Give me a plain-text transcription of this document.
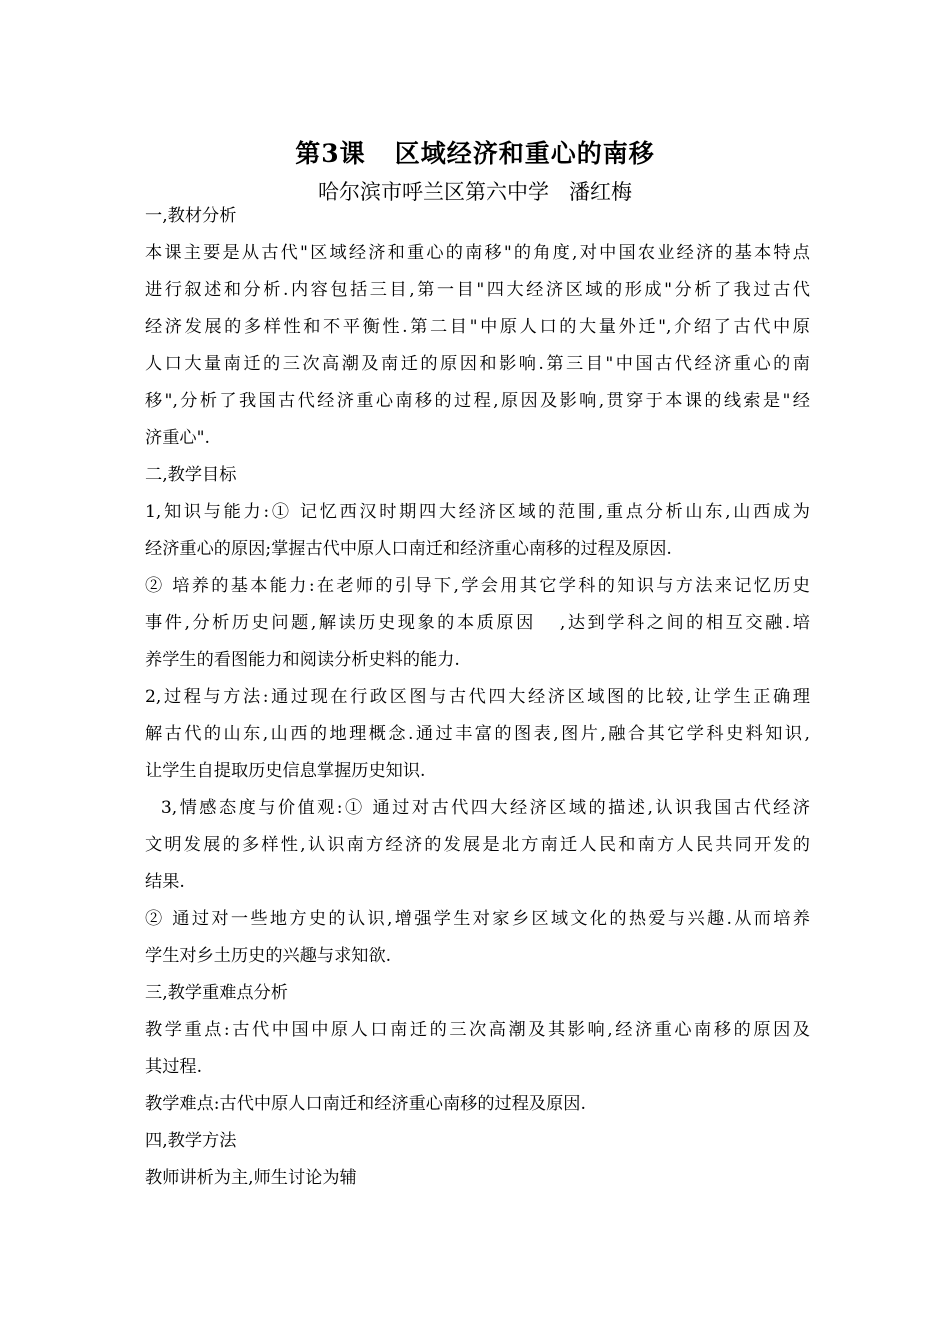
第3课   区域经济和重心的南移
哈尔滨市呼兰区第六中学   潘红梅
一,教材分析
本课主要是从古代"区域经济和重心的南移"的角度,对中国农业经济的基本特点
进行叙述和分析.内容包括三目,第一目"四大经济区域的形成"分析了我过古代
经济发展的多样性和不平衡性.第二目"中原人口的大量外迁",介绍了古代中原
人口大量南迁的三次高潮及南迁的原因和影响.第三目"中国古代经济重心的南
移",分析了我国古代经济重心南移的过程,原因及影响,贯穿于本课的线索是"经
济重心".
二,教学目标
1,知识与能力:① 记忆西汉时期四大经济区域的范围,重点分析山东,山西成为
经济重心的原因;掌握古代中原人口南迁和经济重心南移的过程及原因.
② 培养的基本能力:在老师的引导下,学会用其它学科的知识与方法来记忆历史
事件,分析历史问题,解读历史现象的本质原因   ,达到学科之间的相互交融.培
养学生的看图能力和阅读分析史料的能力.
2,过程与方法:通过现在行政区图与古代四大经济区域图的比较,让学生正确理
解古代的山东,山西的地理概念.通过丰富的图表,图片,融合其它学科史料知识,
让学生自提取历史信息掌握历史知识.
3,情感态度与价值观:① 通过对古代四大经济区域的描述,认识我国古代经济
文明发展的多样性,认识南方经济的发展是北方南迁人民和南方人民共同开发的
结果.
② 通过对一些地方史的认识,增强学生对家乡区域文化的热爱与兴趣.从而培养
学生对乡土历史的兴趣与求知欲.
三,教学重难点分析
教学重点:古代中国中原人口南迁的三次高潮及其影响,经济重心南移的原因及
其过程.
教学难点:古代中原人口南迁和经济重心南移的过程及原因.
四,教学方法
教师讲析为主,师生讨论为辅
